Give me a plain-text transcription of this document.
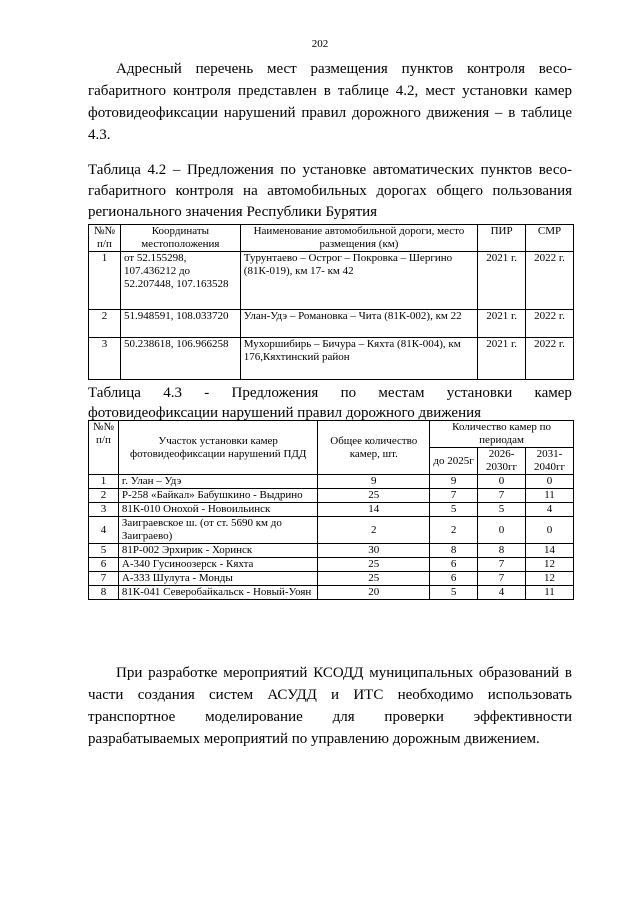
202

Адресный перечень мест размещения пунктов контроля весо-габаритного контроля представлен в таблице 4.2, мест установки камер фотовидеофиксации нарушений правил дорожного движения – в таблице 4.3.

Таблица 4.2 – Предложения по установке автоматических пунктов весо-габаритного контроля на автомобильных дорогах общего пользования регионального значения Республики Бурятия

№№ п/п	Координаты местоположения	Наименование автомобильной дороги, место размещения (км)	ПИР	СМР
1	от 52.155298, 107.436212 до 52.207448, 107.163528	Турунтаево – Острог – Покровка – Шергино (81К-019), км 17- км 42	2021 г.	2022 г.
2	51.948591, 108.033720	Улан-Удэ – Романовка – Чита (81К-002), км 22	2021 г.	2022 г.
3	50.238618, 106.966258	Мухоршибирь – Бичура – Кяхта (81К-004), км 176,Кяхтинский район	2021 г.	2022 г.
Таблица 4.3 - Предложения по местам установки камер
фотовидеофиксации нарушений правил дорожного движения
№№ п/п	Участок установки камер фотовидеофиксации нарушений ПДД	Общее количество камер, шт.	Количество камер по периодам		
			до 2025г	2026-2030гг	2031-2040гг
1	г. Улан – Удэ	9	9	0	0
2	Р-258 «Байкал» Бабушкино - Выдрино	25	7	7	11
3	81К-010 Онохой - Новоильинск	14	5	5	4
4	Заиграевское ш. (от ст. 5690 км до Заиграево)	2	2	0	0
5	81Р-002 Эрхирик - Хоринск	30	8	8	14
6	А-340 Гусиноозерск - Кяхта	25	6	7	12
7	А-333 Шулута - Монды	25	6	7	12
8	81К-041 Северобайкальск - Новый-Уоян	20	5	4	11

При разработке мероприятий КСОДД муниципальных образований в части создания систем АСУДД и ИТС необходимо использовать транспортное моделирование для проверки эффективности разрабатываемых мероприятий по управлению дорожным движением.
